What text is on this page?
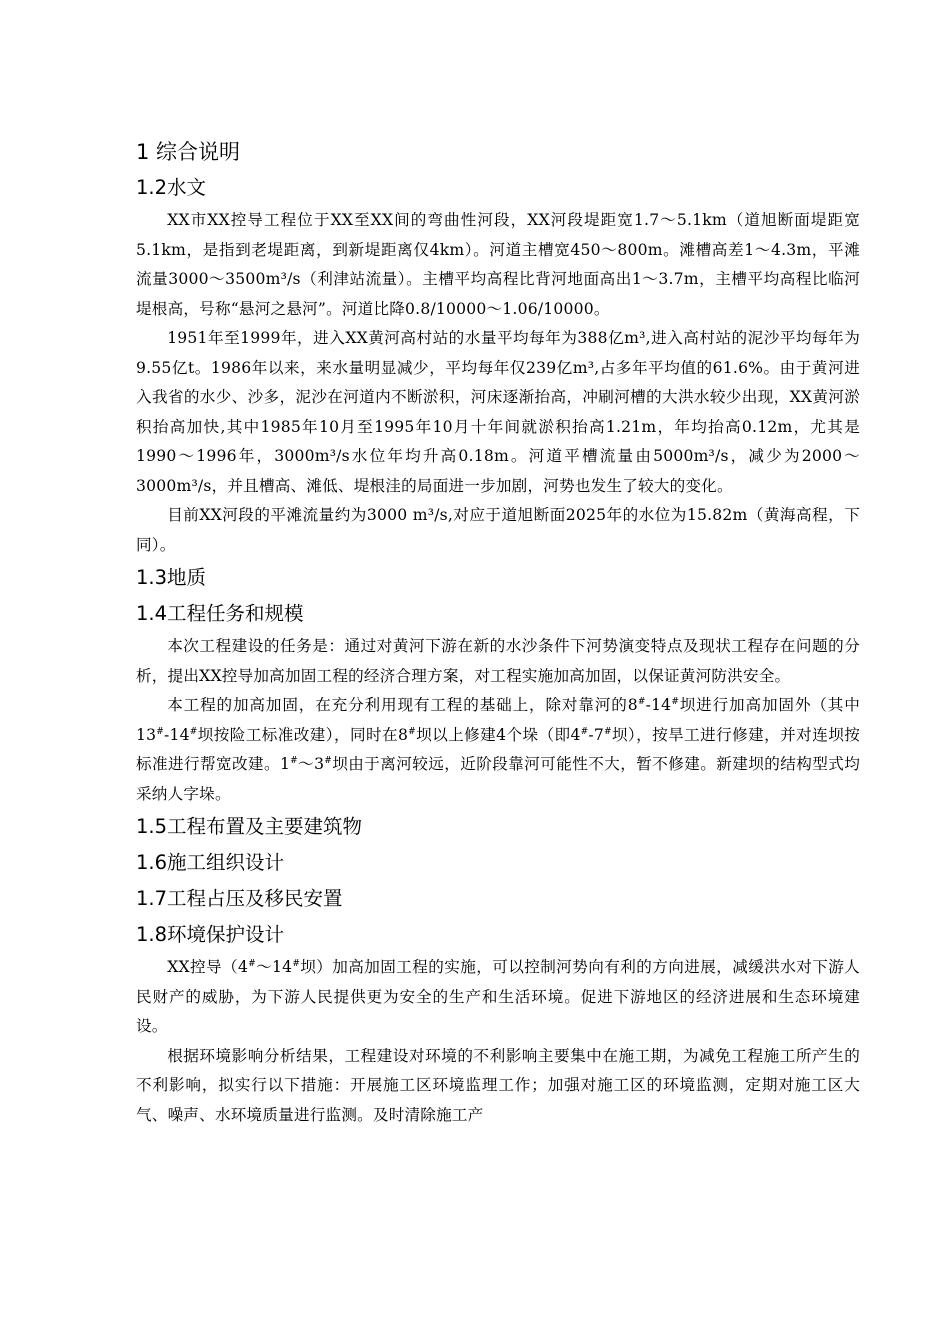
1 综合说明
1.2水文

XX市XX控导工程位于XX至XX间的弯曲性河段，XX河段堤距宽1.7～5.1km（道旭断面堤距宽5.1km，是指到老堤距离，到新堤距离仅4km）。河道主槽宽450～800m。滩槽高差1～4.3m，平滩流量3000～3500m³/s（利津站流量）。主槽平均高程比背河地面高出1～3.7m，主槽平均高程比临河堤根高，号称“悬河之悬河”。河道比降0.8/10000～1.06/10000。

1951年至1999年，进入XX黄河高村站的水量平均每年为388亿m³,进入高村站的泥沙平均每年为9.55亿t。1986年以来，来水量明显减少，平均每年仅239亿m³,占多年平均值的61.6%。由于黄河进入我省的水少、沙多，泥沙在河道内不断淤积，河床逐渐抬高，冲刷河槽的大洪水较少出现，XX黄河淤积抬高加快,其中1985年10月至1995年10月十年间就淤积抬高1.21m，年均抬高0.12m，尤其是1990～1996年，3000m³/s水位年均升高0.18m。河道平槽流量由5000m³/s，减少为2000～3000m³/s，并且槽高、滩低、堤根洼的局面进一步加剧，河势也发生了较大的变化。

目前XX河段的平滩流量约为3000 m³/s,对应于道旭断面2025年的水位为15.82m（黄海高程，下同）。

1.3地质
1.4工程任务和规模

本次工程建设的任务是：通过对黄河下游在新的水沙条件下河势演变特点及现状工程存在问题的分析，提出XX控导加高加固工程的经济合理方案，对工程实施加高加固，以保证黄河防洪安全。

本工程的加高加固，在充分利用现有工程的基础上，除对靠河的8#-14#坝进行加高加固外（其中13#-14#坝按险工标准改建），同时在8#坝以上修建4个垛（即4#-7#坝），按旱工进行修建，并对连坝按标准进行帮宽改建。1#～3#坝由于离河较远，近阶段靠河可能性不大，暂不修建。新建坝的结构型式均采纳人字垛。

1.5工程布置及主要建筑物
1.6施工组织设计
1.7工程占压及移民安置
1.8环境保护设计

XX控导（4#～14#坝）加高加固工程的实施，可以控制河势向有利的方向进展，减缓洪水对下游人民财产的威胁，为下游人民提供更为安全的生产和生活环境。促进下游地区的经济进展和生态环境建设。

根据环境影响分析结果，工程建设对环境的不利影响主要集中在施工期，为减免工程施工所产生的不利影响，拟实行以下措施：开展施工区环境监理工作；加强对施工区的环境监测，定期对施工区大气、噪声、水环境质量进行监测。及时清除施工产
